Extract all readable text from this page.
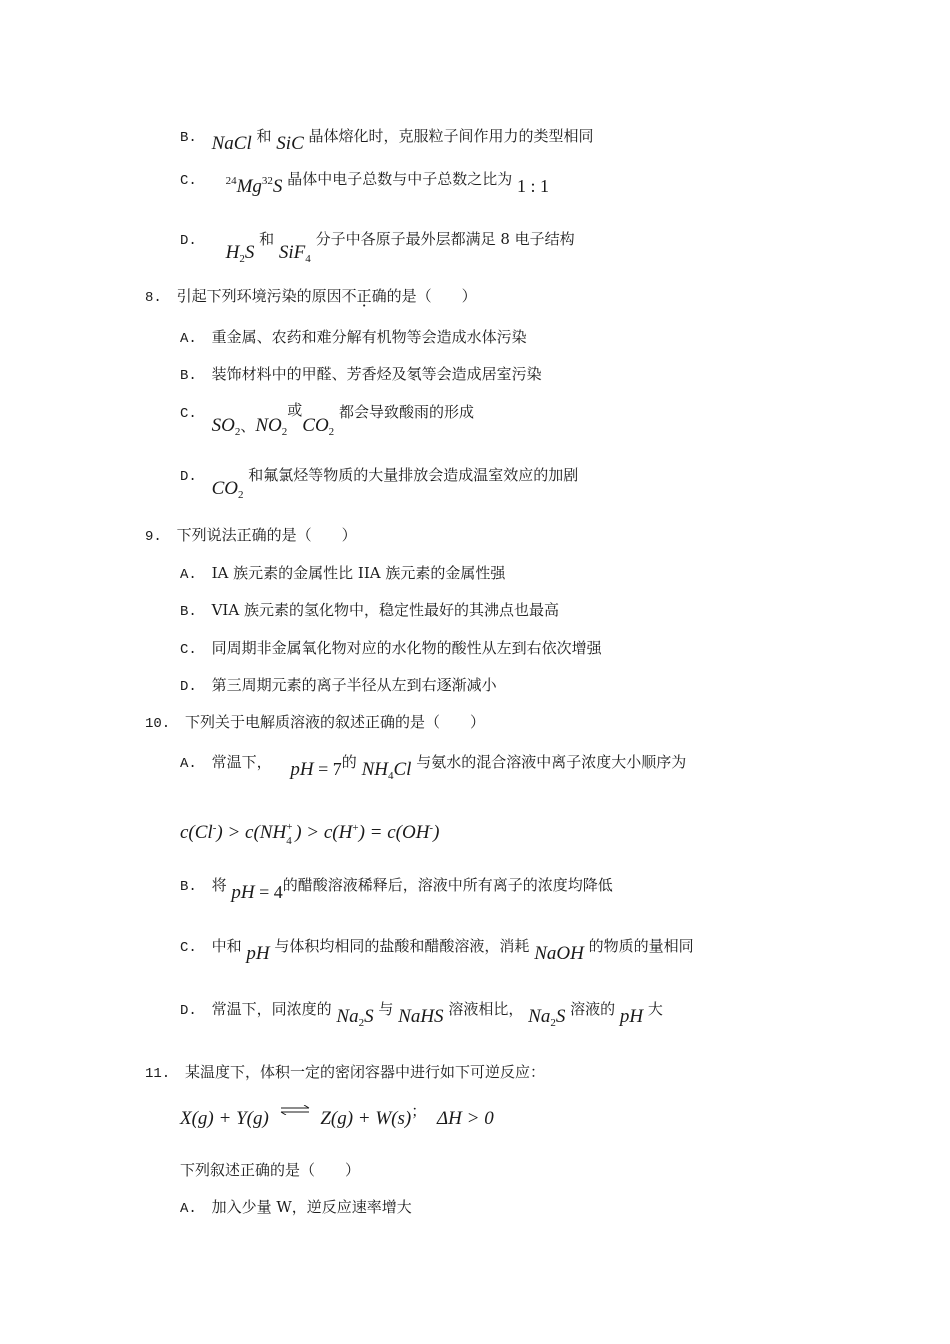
B. NaCl 和 SiC 晶体熔化时，克服粒子间作用力的类型相同
C.	$^{24}$Mg$^{32}$S 晶体中电子总数与中子总数之比为 1 : 1
D. $H_2S$ 和 SiF$_4$ 分子中各原子最外层都满足 8 电子结构
8. 引起下列环境污染的原因不正确的是（　　）
A. 重金属、农药和难分解有机物等会造成水体污染
B. 装饰材料中的甲醛、芳香烃及氡等会造成居室污染
C. $SO_2$、$NO_2$或$CO_2$ 都会导致酸雨的形成
D. $CO_2$ 和氟氯烃等物质的大量排放会造成温室效应的加剧
9. 下列说法正确的是（　　）
A. IA 族元素的金属性比 IIA 族元素的金属性强
B. VIA 族元素的氢化物中，稳定性最好的其沸点也最高
C. 同周期非金属氧化物对应的水化物的酸性从左到右依次增强
D. 第三周期元素的离子半径从左到右逐渐减小
10. 下列关于电解质溶液的叙述正确的是（　　）
A. 常温下， pH = 7的 $NH_4Cl$ 与氨水的混合溶液中离子浓度大小顺序为
c(Cl-) > c(NH +
4 ) > c(H+) = c(OH-)
B. 将 pH = 4的醋酸溶液稀释后，溶液中所有离子的浓度均降低
C. 中和 pH 与体积均相同的盐酸和醋酸溶液，消耗 NaOH 的物质的量相同
D. 常温下，同浓度的 $Na_2S$ 与 NaHS 溶液相比， $Na_2S$ 溶液的 pH 大
11. 某温度下，体积一定的密闭容器中进行如下可逆反应：
X(g) + Y(g) ⇌ Z(g) + W(s)； ΔH > 0
下列叙述正确的是（　　）
A. 加入少量 W，逆反应速率增大
